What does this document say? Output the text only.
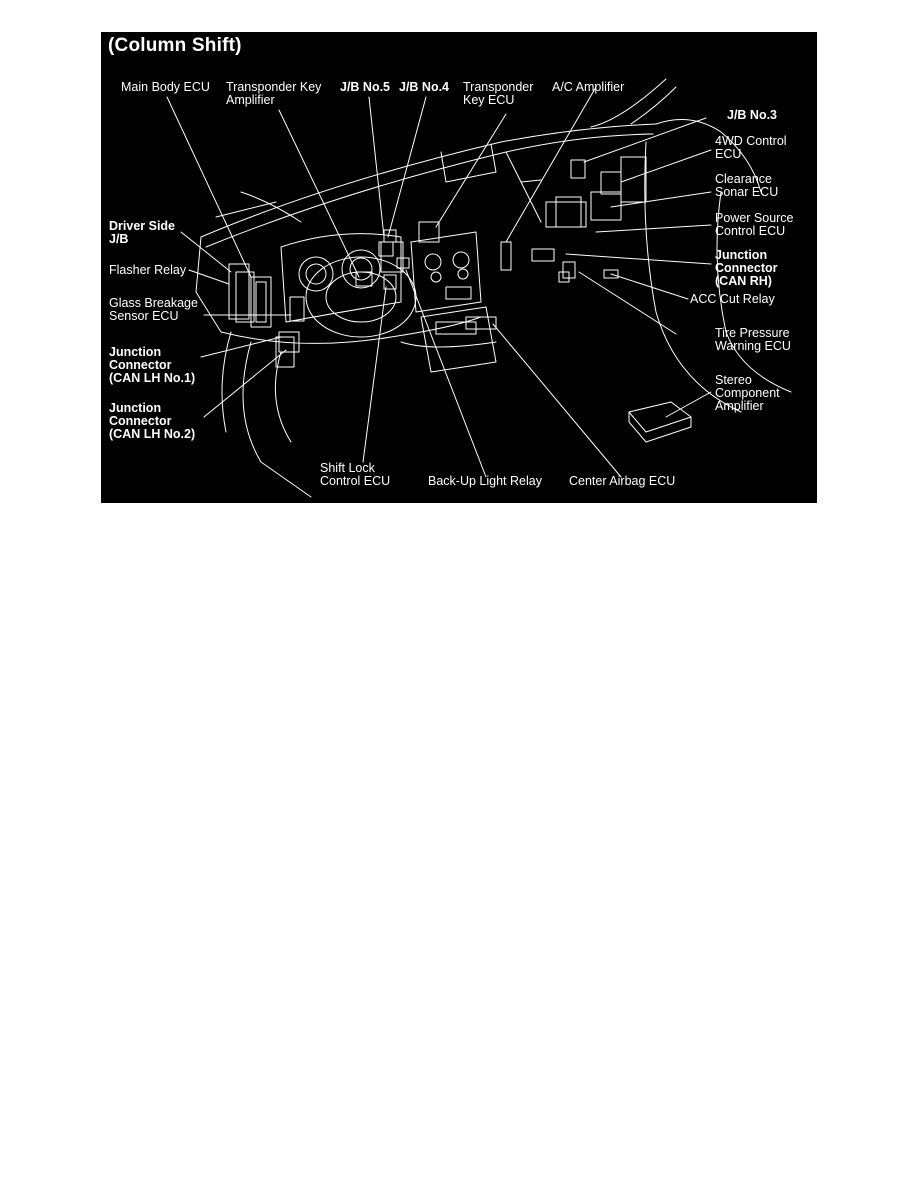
(Column Shift)
Main Body ECU Transponder Key
Amplifier
J/B No.5 J/B No.4 Transponder
Key ECU
A/C Amplifier
J/B No.3
4WD Control
ECU
Clearance
Sonar ECU
Power Source
Control ECU
Junction
Connector
(CAN RH)
ACC Cut Relay
Tire Pressure
Warning ECU
Stereo
Component
Amplifier
Driver Side
J/B
Flasher Relay
Glass Breakage
Sensor ECU
Junction
Connector
(CAN LH No.1)
Junction
Connector
(CAN LH No.2)
Shift Lock
Control ECU	Back-Up Light Relay Center Airbag ECU
